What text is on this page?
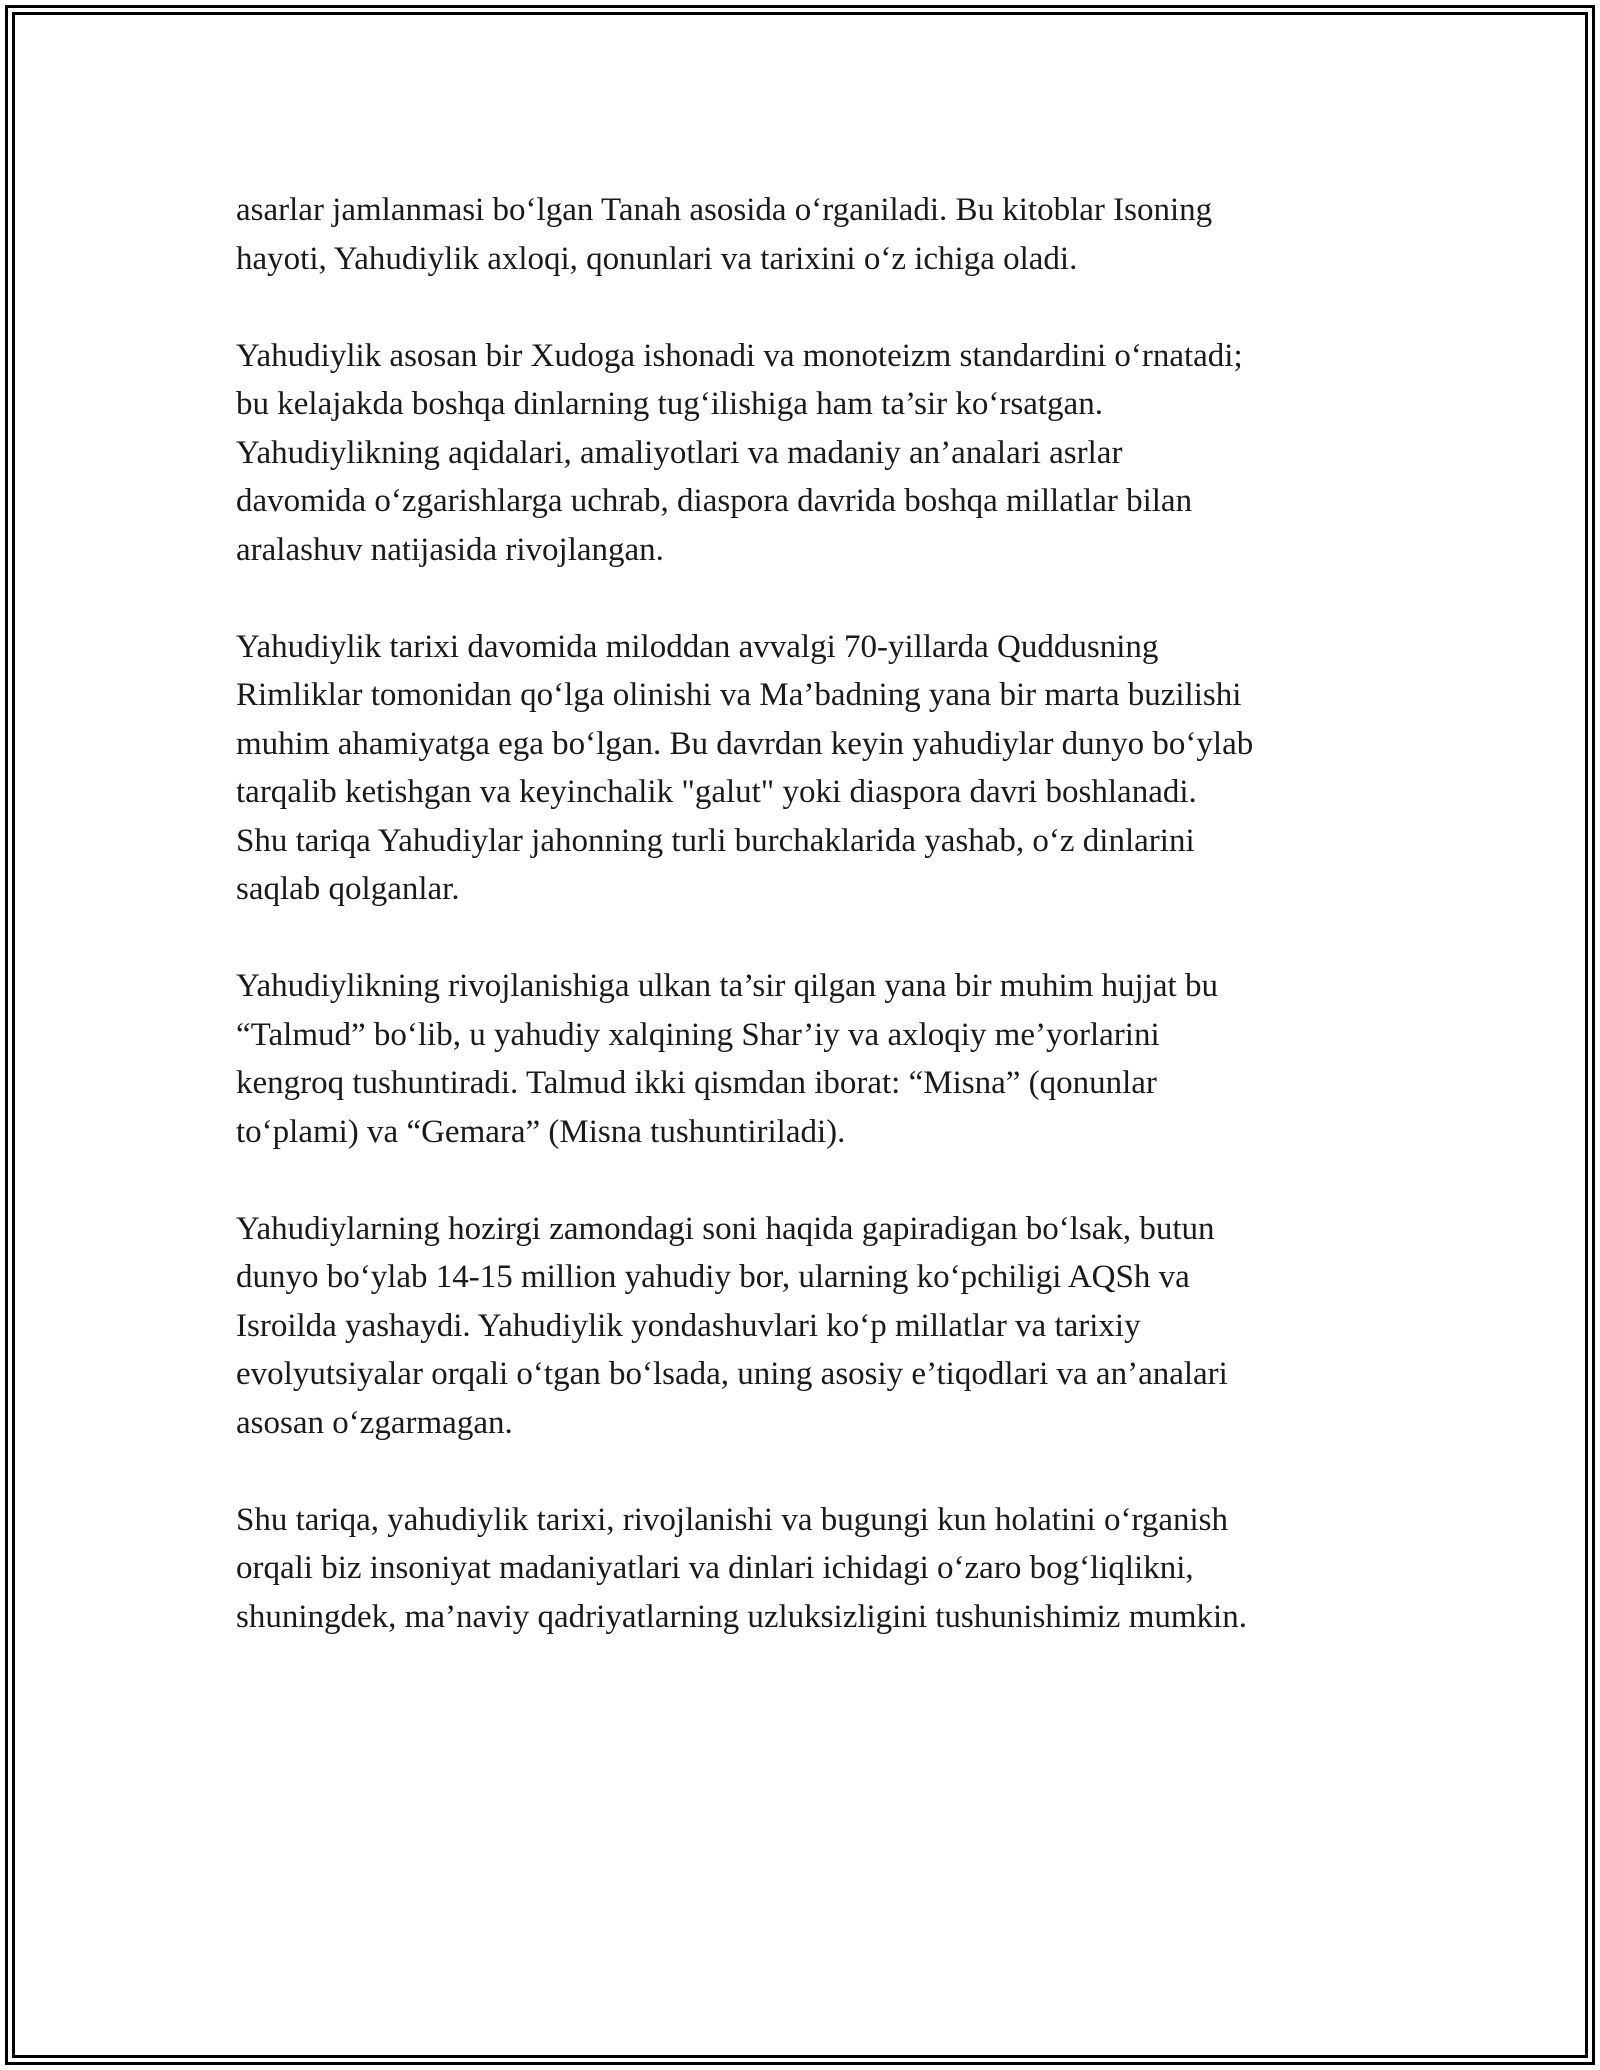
asarlar jamlanmasi bo‘lgan Tanah asosida o‘rganiladi. Bu kitoblar Isoning
hayoti, Yahudiylik axloqi, qonunlari va tarixini o‘z ichiga oladi.

Yahudiylik asosan bir Xudoga ishonadi va monoteizm standardini o‘rnatadi;
bu kelajakda boshqa dinlarning tug‘ilishiga ham ta’sir ko‘rsatgan.
Yahudiylikning aqidalari, amaliyotlari va madaniy an’analari asrlar
davomida o‘zgarishlarga uchrab, diaspora davrida boshqa millatlar bilan
aralashuv natijasida rivojlangan.

Yahudiylik tarixi davomida miloddan avvalgi 70-yillarda Quddusning
Rimliklar tomonidan qo‘lga olinishi va Ma’badning yana bir marta buzilishi
muhim ahamiyatga ega bo‘lgan. Bu davrdan keyin yahudiylar dunyo bo‘ylab
tarqalib ketishgan va keyinchalik "galut" yoki diaspora davri boshlanadi.
Shu tariqa Yahudiylar jahonning turli burchaklarida yashab, o‘z dinlarini
saqlab qolganlar.

Yahudiylikning rivojlanishiga ulkan ta’sir qilgan yana bir muhim hujjat bu
“Talmud” bo‘lib, u yahudiy xalqining Shar’iy va axloqiy me’yorlarini
kengroq tushuntiradi. Talmud ikki qismdan iborat: “Misna” (qonunlar
to‘plami) va “Gemara” (Misna tushuntiriladi).

Yahudiylarning hozirgi zamondagi soni haqida gapiradigan bo‘lsak, butun
dunyo bo‘ylab 14-15 million yahudiy bor, ularning ko‘pchiligi AQSh va
Isroilda yashaydi. Yahudiylik yondashuvlari ko‘p millatlar va tarixiy
evolyutsiyalar orqali o‘tgan bo‘lsada, uning asosiy e’tiqodlari va an’analari
asosan o‘zgarmagan.

Shu tariqa, yahudiylik tarixi, rivojlanishi va bugungi kun holatini o‘rganish
orqali biz insoniyat madaniyatlari va dinlari ichidagi o‘zaro bog‘liqlikni,
shuningdek, ma’naviy qadriyatlarning uzluksizligini tushunishimiz mumkin.
